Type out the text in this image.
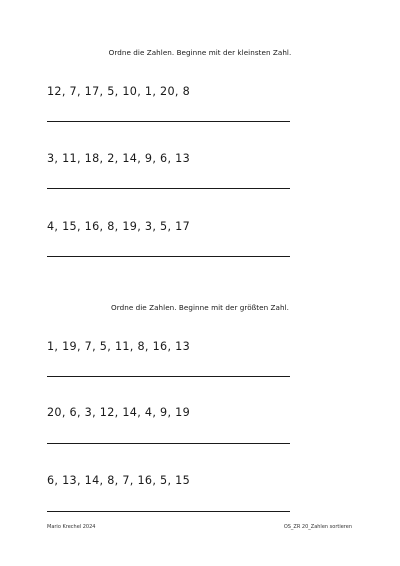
Ordne die Zahlen. Beginne mit der kleinsten Zahl.
12, 7, 17, 5, 10, 1, 20, 8
3, 11, 18, 2, 14, 9, 6, 13
4, 15, 16, 8, 19, 3, 5, 17
Ordne die Zahlen. Beginne mit der größten Zahl.
1, 19, 7, 5, 11, 8, 16, 13
20, 6, 3, 12, 14, 4, 9, 19
6, 13, 14, 8, 7, 16, 5, 15
Mario Krechel 2024	OS_ZR 20_Zahlen sortieren
